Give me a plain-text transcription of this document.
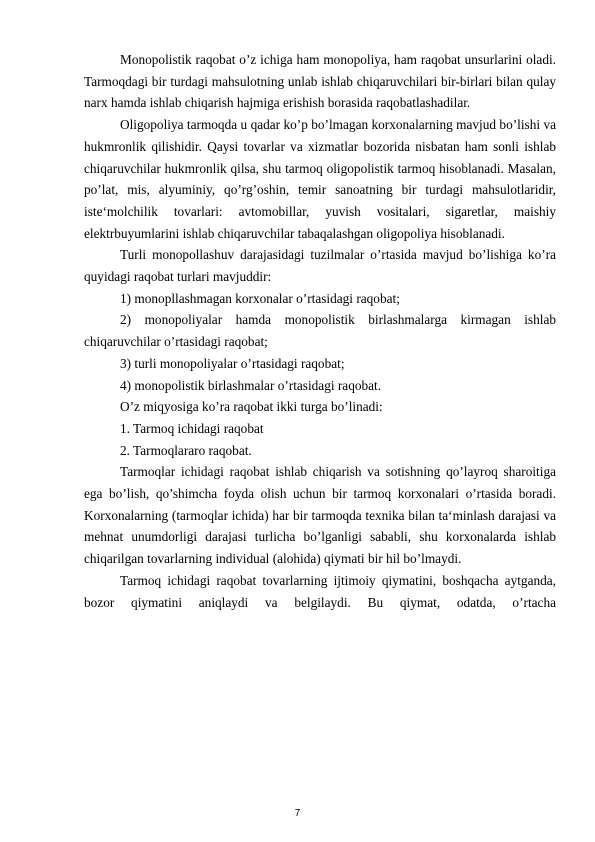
Monopolistik raqobat o’z ichiga ham monopoliya, ham raqobat unsurlarini oladi. Tarmoqdagi bir turdagi mahsulotning unlab ishlab chiqaruvchilari bir-birlari bilan qulay narx hamda ishlab chiqarish hajmiga erishish borasida raqobatlashadilar.

Oligopoliya tarmoqda u qadar ko’p bo’lmagan korxonalarning mavjud bo’lishi va hukmronlik qilishidir. Qaysi tovarlar va xizmatlar bozorida nisbatan ham sonli ishlab chiqaruvchilar hukmronlik qilsa, shu tarmoq oligopolistik tarmoq hisoblanadi. Masalan, po’lat, mis, alyuminiy, qo’rg’oshin, temir sanoatning bir turdagi mahsulotlaridir, iste‘molchilik tovarlari: avtomobillar, yuvish vositalari, sigaretlar, maishiy elektrbuyumlarini ishlab chiqaruvchilar tabaqalashgan oligopoliya hisoblanadi.

Turli monopollashuv darajasidagi tuzilmalar o’rtasida mavjud bo’lishiga ko’ra quyidagi raqobat turlari mavjuddir:

1) monopllashmagan korxonalar o’rtasidagi raqobat;

2) monopoliyalar hamda monopolistik birlashmalarga kirmagan ishlab chiqaruvchilar o’rtasidagi raqobat;

3) turli monopoliyalar o’rtasidagi raqobat;

4) monopolistik birlashmalar o’rtasidagi raqobat.

O’z miqyosiga ko’ra raqobat ikki turga bo’linadi:

1. Tarmoq ichidagi raqobat

2. Tarmoqlararo raqobat.

Tarmoqlar ichidagi raqobat ishlab chiqarish va sotishning qo’layroq sharoitiga ega bo’lish, qo’shimcha foyda olish uchun bir tarmoq korxonalari o’rtasida boradi. Korxonalarning (tarmoqlar ichida) har bir tarmoqda texnika bilan ta‘minlash darajasi va mehnat unumdorligi darajasi turlicha bo’lganligi sababli, shu korxonalarda ishlab chiqarilgan tovarlarning individual (alohida) qiymati bir hil bo’lmaydi.

Tarmoq ichidagi raqobat tovarlarning ijtimoiy qiymatini, boshqacha aytganda, bozor qiymatini aniqlaydi va belgilaydi. Bu qiymat, odatda, o’rtacha

7
